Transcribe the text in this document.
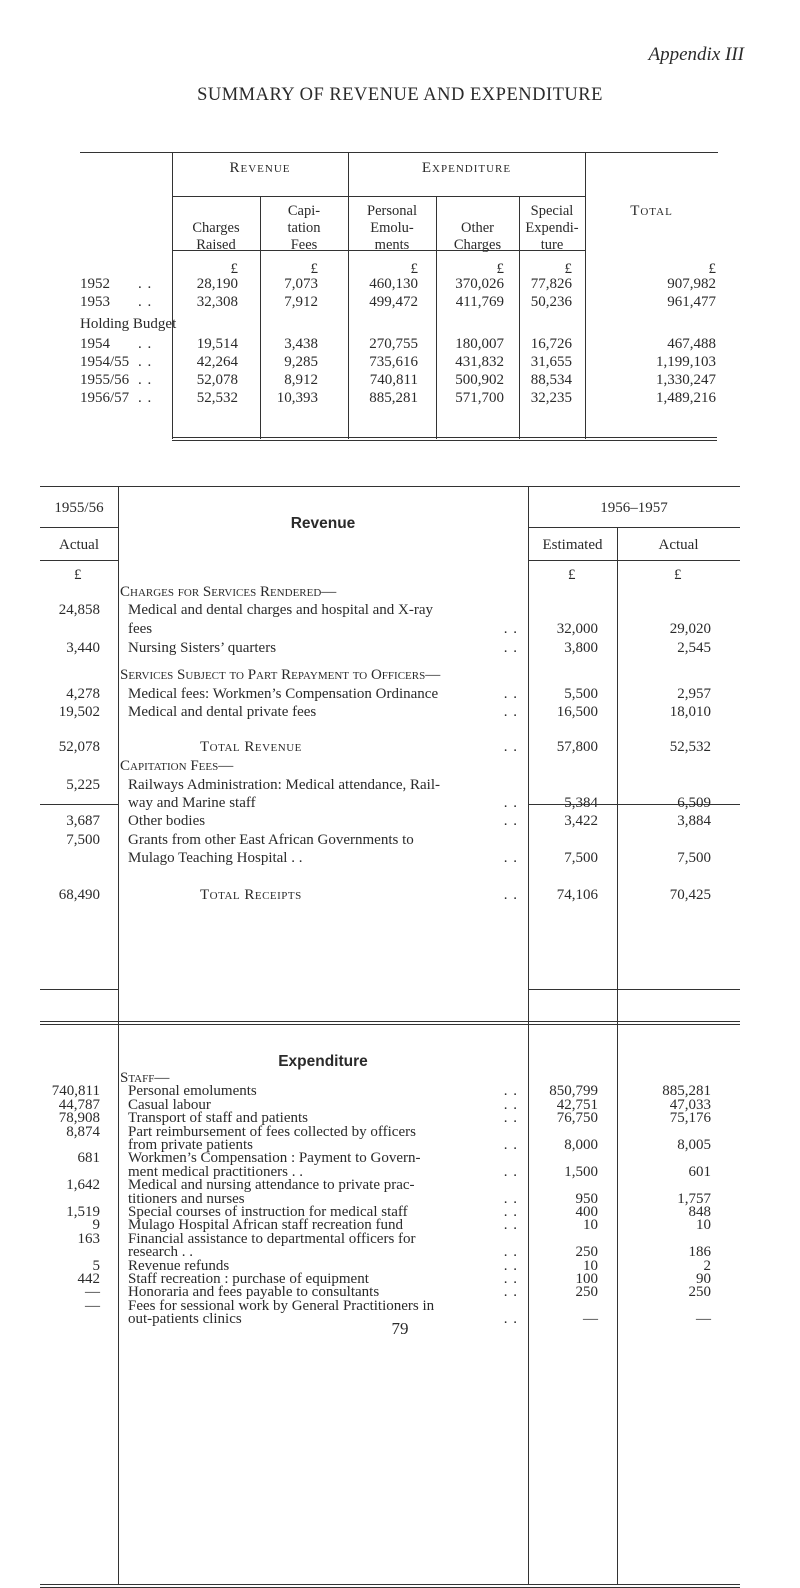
Appendix III
SUMMARY OF REVENUE AND EXPENDITURE
Revenue	Expenditure
Total
Charges
Raised
Capi-
tation
Fees
Personal
Emolu-
ments
Other
Charges
Special
Expendi-
ture
£	£	£	£	£	£
1952 . .	28,190	7,073	460,130 370,026 77,826	907,982
1953 . .	32,308	7,912	499,472	411,769 50,236	961,477
Holding Budget
1954 . .	19,514	3,438	270,755 180,007 16,726	467,488
1954/55 . .	42,264	9,285	735,616 431,832 31,655	1,199,103
1955/56 . .	52,078	8,912	740,811 500,902 88,534	1,330,247
1956/57 . .	52,532	10,393	885,281 571,700 32,235	1,489,216
1955/56
Actual
Revenue
1956–1957
Estimated	Actual
£	£	£
Charges for Services Rendered—
24,858 Medical and dental charges and hospital and X-ray
fees	. .	32,000	29,020
3,440 Nursing Sisters’ quarters	. .	3,800	2,545
Services Subject to Part Repayment to Officers—
4,278 Medical fees: Workmen’s Compensation Ordinance	. .	5,500	2,957
19,502 Medical and dental private fees	. .	16,500	18,010
52,078	Total Revenue	. .	57,800	52,532
Capitation Fees—
5,225 Railways Administration: Medical attendance, Rail-
way and Marine staff	. .	5,384	6,509
3,687 Other bodies	. .	3,422	3,884
7,500 Grants from other East African Governments to
Mulago Teaching Hospital . .	. .	7,500	7,500
68,490	Total Receipts	. .	74,106	70,425
Expenditure
Staff—
740,811 Personal emoluments	. . 850,799	885,281
44,787 Casual labour	. .	42,751	47,033
78,908 Transport of staff and patients	. .	76,750	75,176
8,874 Part reimbursement of fees collected by officers
from private patients	. .	8,000	8,005
681 Workmen’s Compensation : Payment to Govern-
ment medical practitioners . .	. .	1,500	601
1,642 Medical and nursing attendance to private prac-
titioners and nurses	. .	950	1,757
1,519 Special courses of instruction for medical staff	. .	400	848
9 Mulago Hospital African staff recreation fund	. .	10	10
163 Financial assistance to departmental officers for
research . .	. .	250	186
5 Revenue refunds	. .	10	2
442 Staff recreation : purchase of equipment	. .	100	90
— Honoraria and fees payable to consultants	. .	250	250
— Fees for sessional work by General Practitioners in
out-patients clinics	. .	—	—
79
